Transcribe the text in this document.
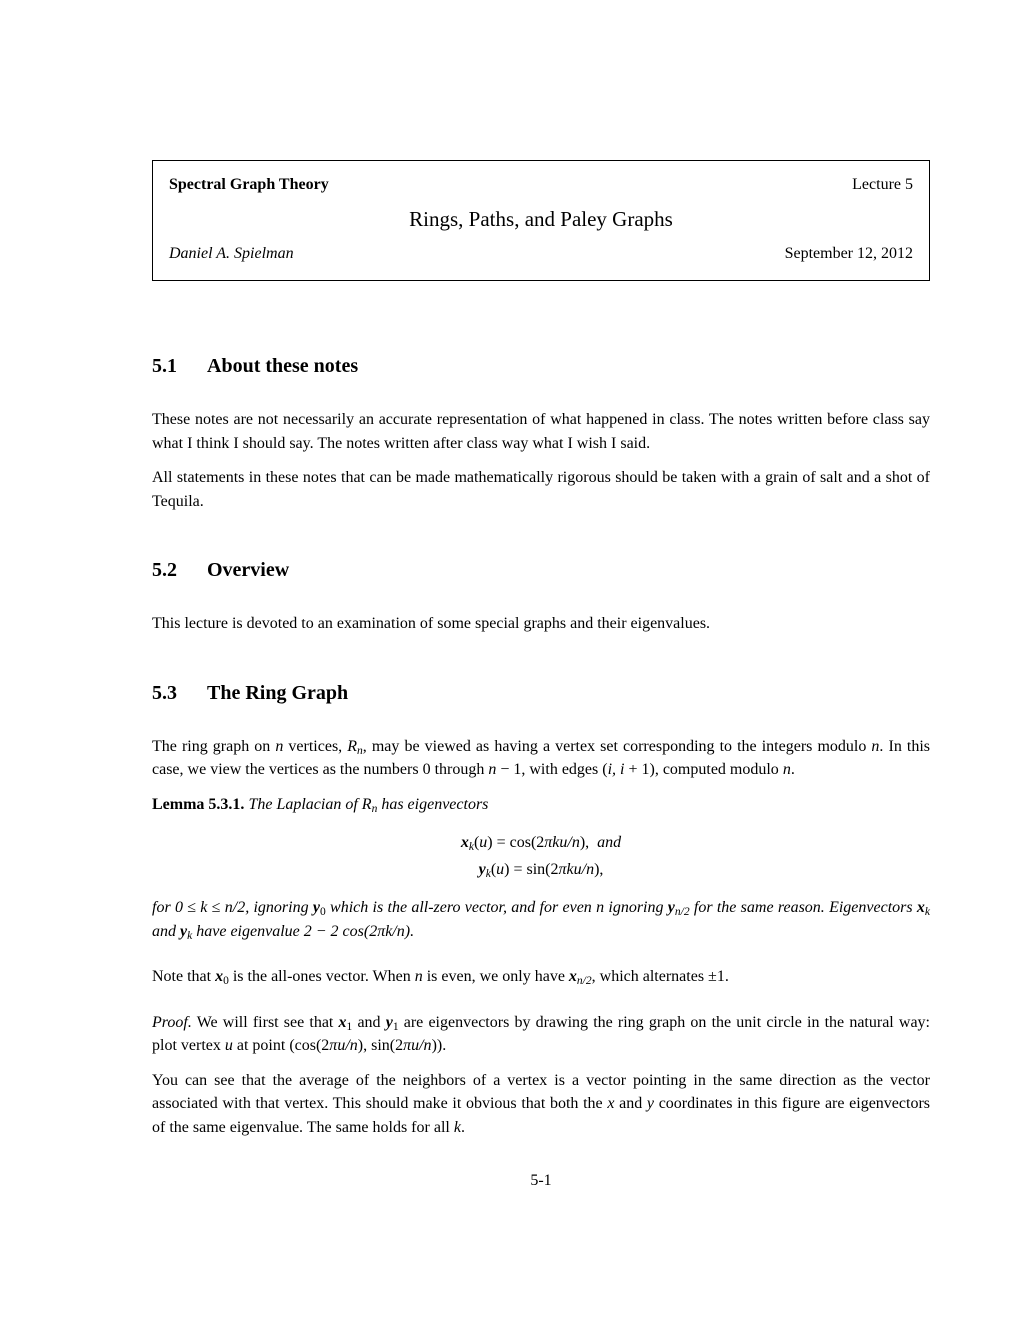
Spectral Graph Theory	Lecture 5
Rings, Paths, and Paley Graphs
Daniel A. Spielman	September 12, 2012
5.1 About these notes

These notes are not necessarily an accurate representation of what happened in class. The notes written before class say what I think I should say. The notes written after class way what I wish I said.

All statements in these notes that can be made mathematically rigorous should be taken with a grain of salt and a shot of Tequila.

5.2 Overview

This lecture is devoted to an examination of some special graphs and their eigenvalues.

5.3 The Ring Graph

The ring graph on n vertices, $R_n$, may be viewed as having a vertex set corresponding to the integers modulo n. In this case, we view the vertices as the numbers 0 through n − 1, with edges (i, i + 1), computed modulo n.

Lemma 5.3.1. The Laplacian of $R_n$ has eigenvectors

$x_k(u) = \cos(2\pi ku/n)$,  and
$y_k(u) = \sin(2\pi ku/n)$,

for 0 ≤ k ≤ n/2, ignoring $y_0$ which is the all-zero vector, and for even n ignoring $y_{n/2}$ for the same reason. Eigenvectors $x_k$ and $y_k$ have eigenvalue 2 − 2 cos(2πk/n).

Note that $x_0$ is the all-ones vector. When n is even, we only have $x_{n/2}$, which alternates ±1.

Proof. We will first see that $x_1$ and $y_1$ are eigenvectors by drawing the ring graph on the unit circle in the natural way: plot vertex u at point (cos(2πu/n), sin(2πu/n)).

You can see that the average of the neighbors of a vertex is a vector pointing in the same direction as the vector associated with that vertex. This should make it obvious that both the x and y coordinates in this figure are eigenvectors of the same eigenvalue. The same holds for all k.

5-1
